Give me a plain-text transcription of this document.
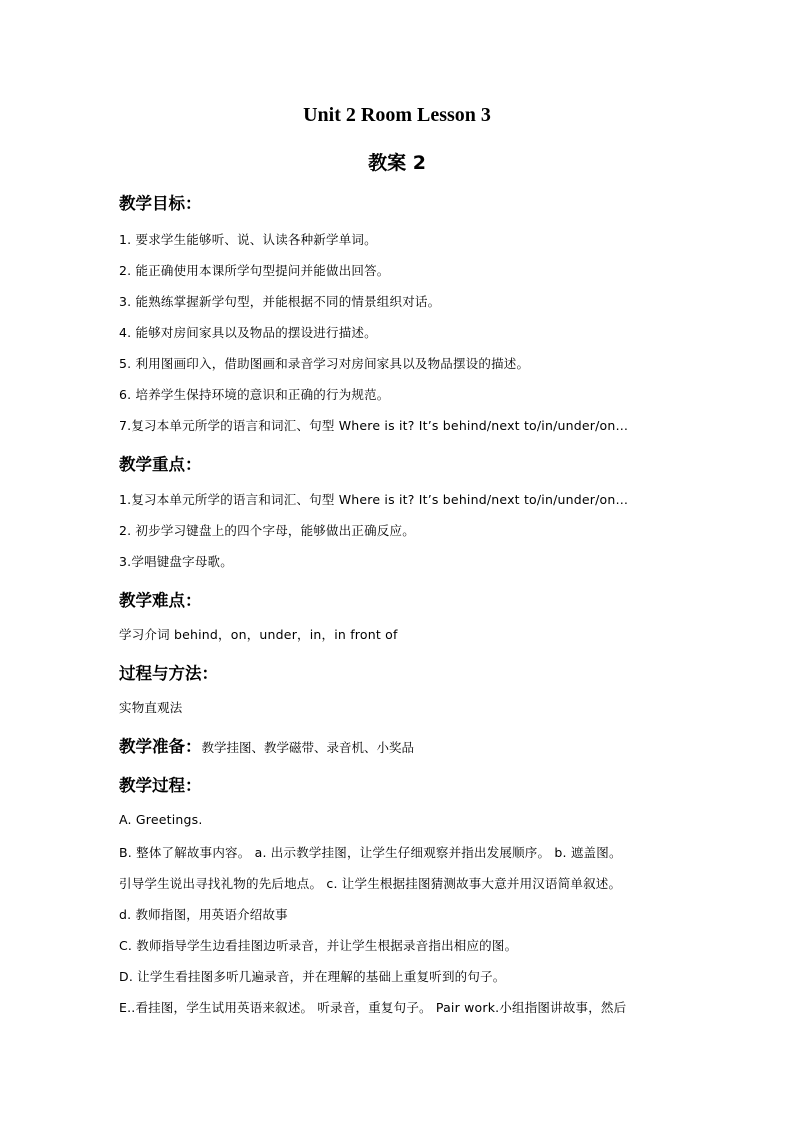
Unit 2 Room Lesson 3
教案 2
教学目标：
1. 要求学生能够听、说、认读各种新学单词。
2. 能正确使用本课所学句型提问并能做出回答。
3. 能熟练掌握新学句型，并能根据不同的情景组织对话。
4. 能够对房间家具以及物品的摆设进行描述。
5. 利用图画印入，借助图画和录音学习对房间家具以及物品摆设的描述。
6. 培养学生保持环境的意识和正确的行为规范。
7.复习本单元所学的语言和词汇、句型 Where is it? It’s behind/next to/in/under/on…
教学重点：
1.复习本单元所学的语言和词汇、句型 Where is it? It’s behind/next to/in/under/on…
2. 初步学习键盘上的四个字母，能够做出正确反应。
3.学唱键盘字母歌。
教学难点：
学习介词 behind，on，under，in，in front of
过程与方法：
实物直观法
教学准备：教学挂图、教学磁带、录音机、小奖品
教学过程：
A. Greetings.
B. 整体了解故事内容。 a. 出示教学挂图，让学生仔细观察并指出发展顺序。 b. 遮盖图。
引导学生说出寻找礼物的先后地点。 c. 让学生根据挂图猜测故事大意并用汉语简单叙述。
d. 教师指图，用英语介绍故事
C. 教师指导学生边看挂图边听录音，并让学生根据录音指出相应的图。
D. 让学生看挂图多听几遍录音，并在理解的基础上重复听到的句子。
E..看挂图，学生试用英语来叙述。 听录音，重复句子。 Pair work.小组指图讲故事，然后
